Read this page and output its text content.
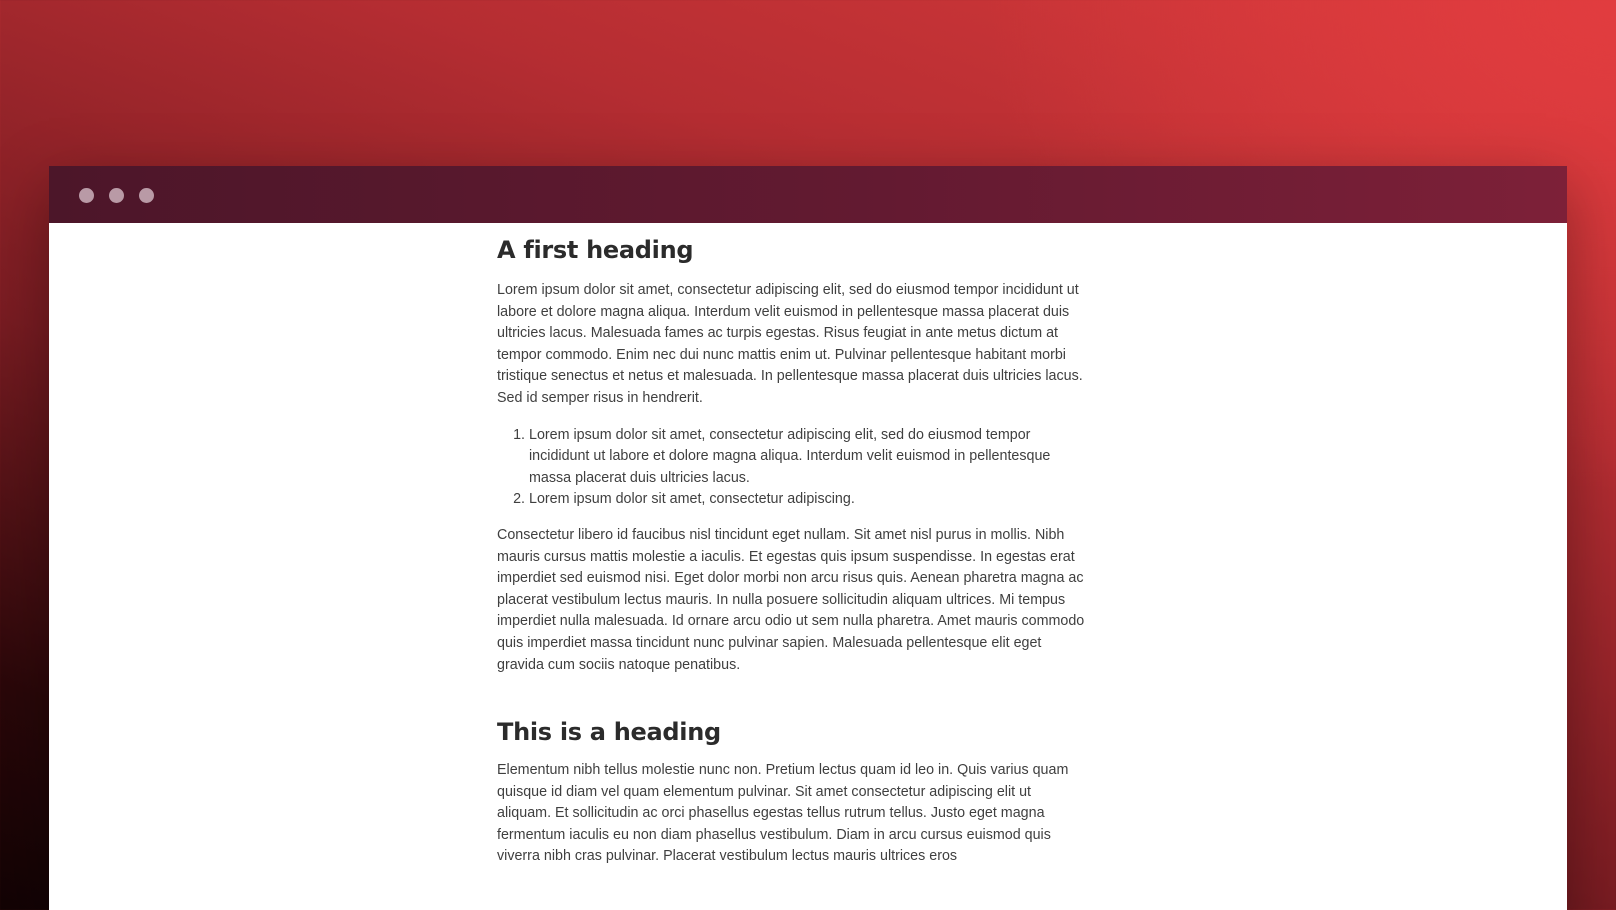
A first heading

Lorem ipsum dolor sit amet, consectetur adipiscing elit, sed do eiusmod tempor incididunt ut labore et dolore magna aliqua. Interdum velit euismod in pellentesque massa placerat duis ultricies lacus. Malesuada fames ac turpis egestas. Risus feugiat in ante metus dictum at tempor commodo. Enim nec dui nunc mattis enim ut. Pulvinar pellentesque habitant morbi tristique senectus et netus et malesuada. In pellentesque massa placerat duis ultricies lacus. Sed id semper risus in hendrerit.

1. Lorem ipsum dolor sit amet, consectetur adipiscing elit, sed do eiusmod tempor incididunt ut labore et dolore magna aliqua. Interdum velit euismod in pellentesque massa placerat duis ultricies lacus.
2. Lorem ipsum dolor sit amet, consectetur adipiscing.

Consectetur libero id faucibus nisl tincidunt eget nullam. Sit amet nisl purus in mollis. Nibh mauris cursus mattis molestie a iaculis. Et egestas quis ipsum suspendisse. In egestas erat imperdiet sed euismod nisi. Eget dolor morbi non arcu risus quis. Aenean pharetra magna ac placerat vestibulum lectus mauris. In nulla posuere sollicitudin aliquam ultrices. Mi tempus imperdiet nulla malesuada. Id ornare arcu odio ut sem nulla pharetra. Amet mauris commodo quis imperdiet massa tincidunt nunc pulvinar sapien. Malesuada pellentesque elit eget gravida cum sociis natoque penatibus.

This is a heading

Elementum nibh tellus molestie nunc non. Pretium lectus quam id leo in. Quis varius quam quisque id diam vel quam elementum pulvinar. Sit amet consectetur adipiscing elit ut aliquam. Et sollicitudin ac orci phasellus egestas tellus rutrum tellus. Justo eget magna fermentum iaculis eu non diam phasellus vestibulum. Diam in arcu cursus euismod quis viverra nibh cras pulvinar. Placerat vestibulum lectus mauris ultrices eros
